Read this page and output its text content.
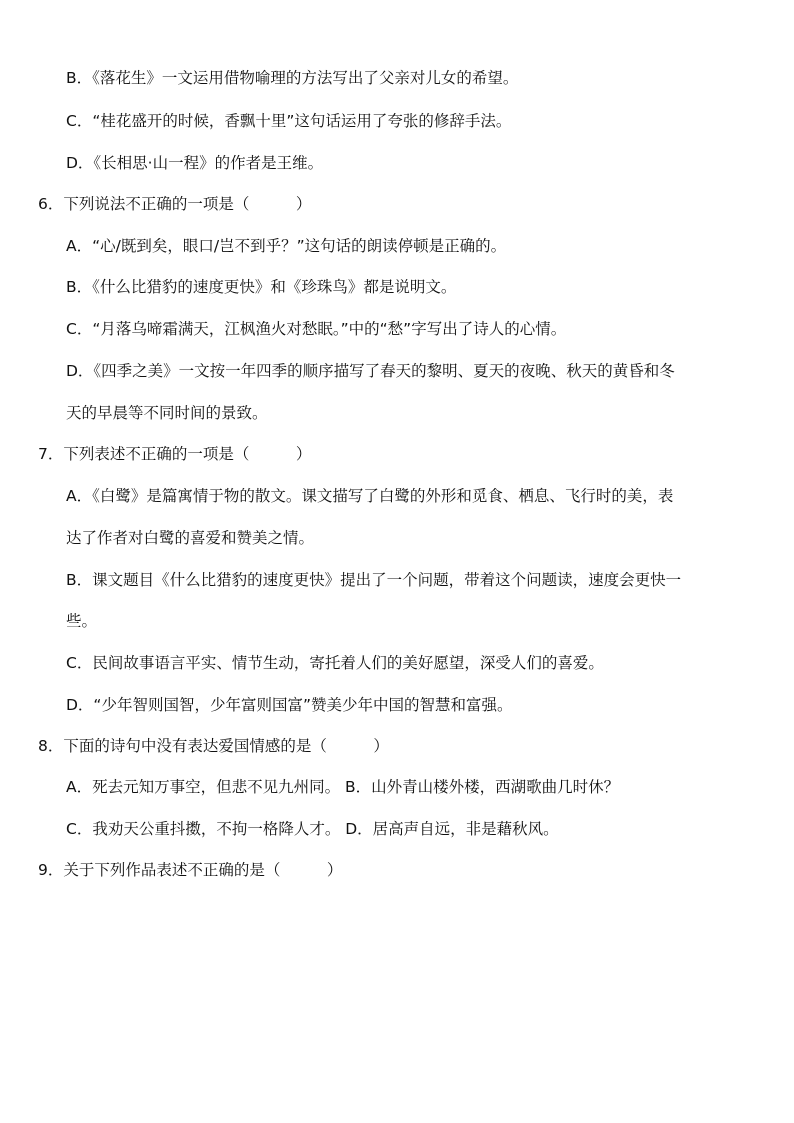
B．《落花生》一文运用借物喻理的方法写出了父亲对儿女的希望。
C．“桂花盛开的时候，香飘十里”这句话运用了夸张的修辞手法。
D．《长相思·山一程》的作者是王维。
6．下列说法不正确的一项是（　　　）
A．“心/既到矣，眼口/岂不到乎？”这句话的朗读停顿是正确的。
B．《什么比猎豹的速度更快》和《珍珠鸟》都是说明文。
C．“月落乌啼霜满天，江枫渔火对愁眠。”中的“愁”字写出了诗人的心情。
D．《四季之美》一文按一年四季的顺序描写了春天的黎明、夏天的夜晚、秋天的黄昏和冬
天的早晨等不同时间的景致。
7．下列表述不正确的一项是（　　　）
A．《白鹭》是篇寓情于物的散文。课文描写了白鹭的外形和觅食、栖息、飞行时的美，表
达了作者对白鹭的喜爱和赞美之情。
B．课文题目《什么比猎豹的速度更快》提出了一个问题，带着这个问题读，速度会更快一
些。
C．民间故事语言平实、情节生动，寄托着人们的美好愿望，深受人们的喜爱。
D．“少年智则国智，少年富则国富”赞美少年中国的智慧和富强。
8．下面的诗句中没有表达爱国情感的是（　　　）
A．死去元知万事空，但悲不见九州同。 B．山外青山楼外楼，西湖歌曲几时休？
C．我劝天公重抖擞，不拘一格降人才。 D．居高声自远，非是藉秋风。
9．关于下列作品表述不正确的是（　　　）
